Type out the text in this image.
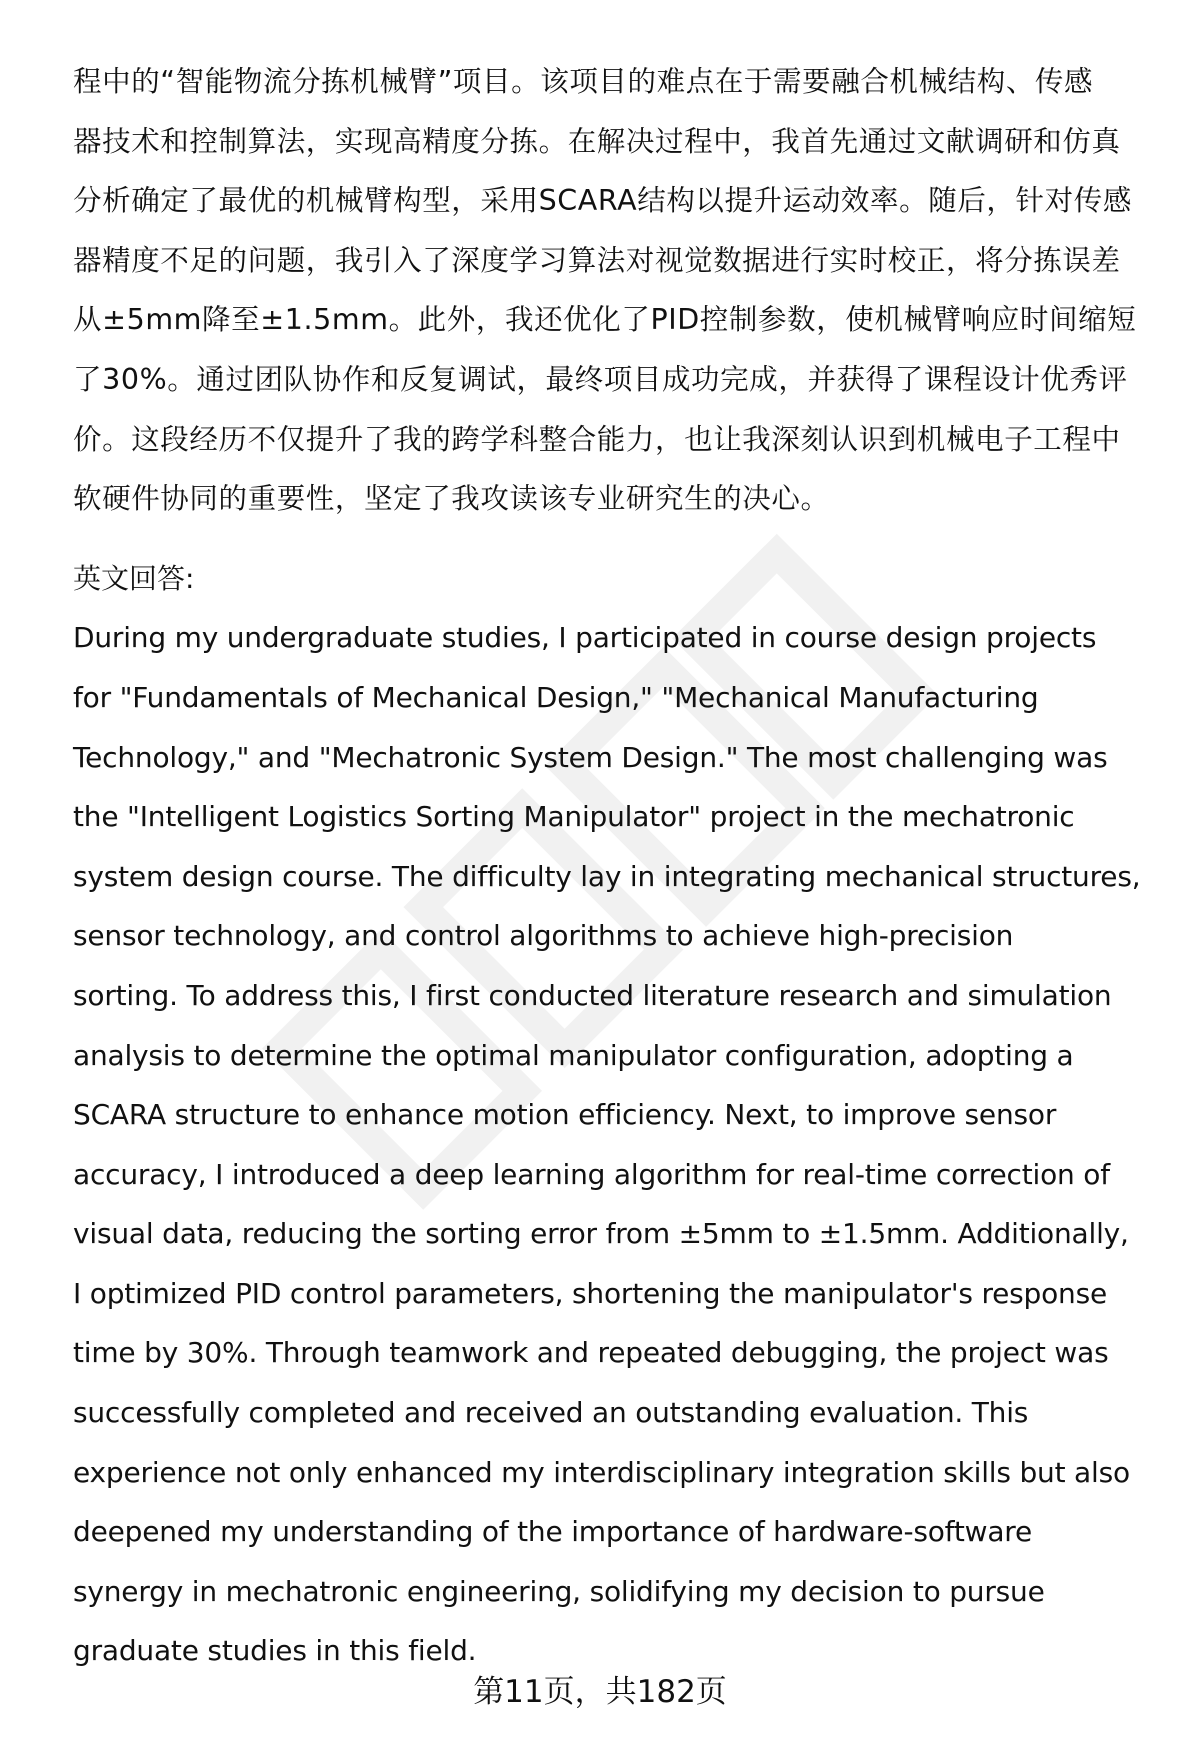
程中的“智能物流分拣机械臂”项目。该项目的难点在于需要融合机械结构、传感
器技术和控制算法，实现高精度分拣。在解决过程中，我首先通过文献调研和仿真
分析确定了最优的机械臂构型，采用SCARA结构以提升运动效率。随后，针对传感
器精度不足的问题，我引入了深度学习算法对视觉数据进行实时校正，将分拣误差
从±5mm降至±1.5mm。此外，我还优化了PID控制参数，使机械臂响应时间缩短
了30%。通过团队协作和反复调试，最终项目成功完成，并获得了课程设计优秀评
价。这段经历不仅提升了我的跨学科整合能力，也让我深刻认识到机械电子工程中
软硬件协同的重要性，坚定了我攻读该专业研究生的决心。
英文回答:
During my undergraduate studies, I participated in course design projects
for "Fundamentals of Mechanical Design," "Mechanical Manufacturing
Technology," and "Mechatronic System Design." The most challenging was
the "Intelligent Logistics Sorting Manipulator" project in the mechatronic
system design course. The difficulty lay in integrating mechanical structures,
sensor technology, and control algorithms to achieve high-precision
sorting. To address this, I first conducted literature research and simulation
analysis to determine the optimal manipulator configuration, adopting a
SCARA structure to enhance motion efficiency. Next, to improve sensor
accuracy, I introduced a deep learning algorithm for real-time correction of
visual data, reducing the sorting error from ±5mm to ±1.5mm. Additionally,
I optimized PID control parameters, shortening the manipulator's response
time by 30%. Through teamwork and repeated debugging, the project was
successfully completed and received an outstanding evaluation. This
experience not only enhanced my interdisciplinary integration skills but also
deepened my understanding of the importance of hardware-software
synergy in mechatronic engineering, solidifying my decision to pursue
graduate studies in this field.
第11页，共182页
